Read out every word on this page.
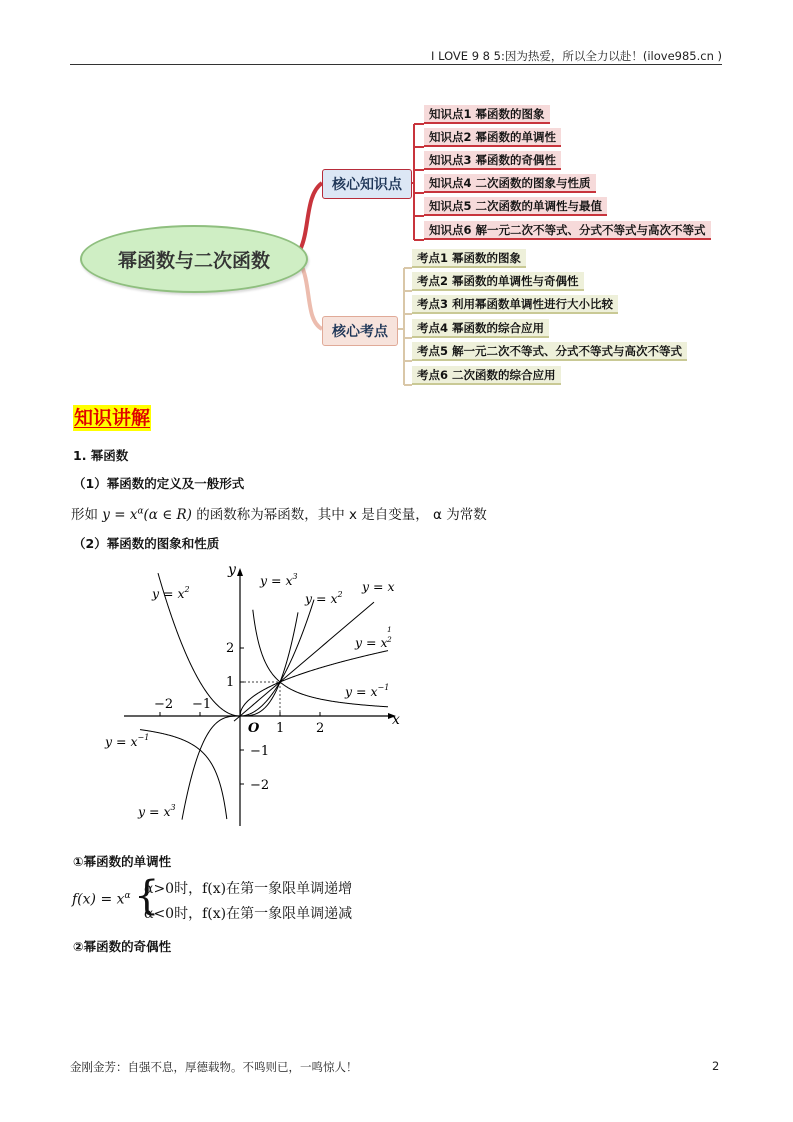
I LOVE 9 8 5:因为热爱，所以全力以赴！(ilove985.cn )
幂函数与二次函数
核心知识点
核心考点
知识点1 幂函数的图象
知识点2 幂函数的单调性
知识点3 幂函数的奇偶性
知识点4 二次函数的图象与性质
知识点5 二次函数的单调性与最值
知识点6 解一元二次不等式、分式不等式与高次不等式
考点1 幂函数的图象
考点2 幂函数的单调性与奇偶性
考点3 利用幂函数单调性进行大小比较
考点4 幂函数的综合应用
考点5 解一元二次不等式、分式不等式与高次不等式
考点6 二次函数的综合应用
知识讲解
1. 幂函数
（1）幂函数的定义及一般形式
形如 $y = x^\alpha(\alpha$ ∈ R) 的函数称为幂函数，其中 x 是自变量， α 为常数
（2）幂函数的图象和性质
x
y
O
−2 −1
1 2
2
1
−1
−2
$y = x^2$
$y = x^3$
$y = x^2$
y = x
y = x
1
2
$y = x^{-1}$
$y = x^{-1}$
$y = x^3$
①幂函数的单调性
$f(x) = x^\alpha$ {
α>0时，f(x)在第一象限单调递增
α<0时，f(x)在第一象限单调递减
②幂函数的奇偶性
金刚金芳：自强不息，厚德载物。不鸣则已，一鸣惊人！	2
